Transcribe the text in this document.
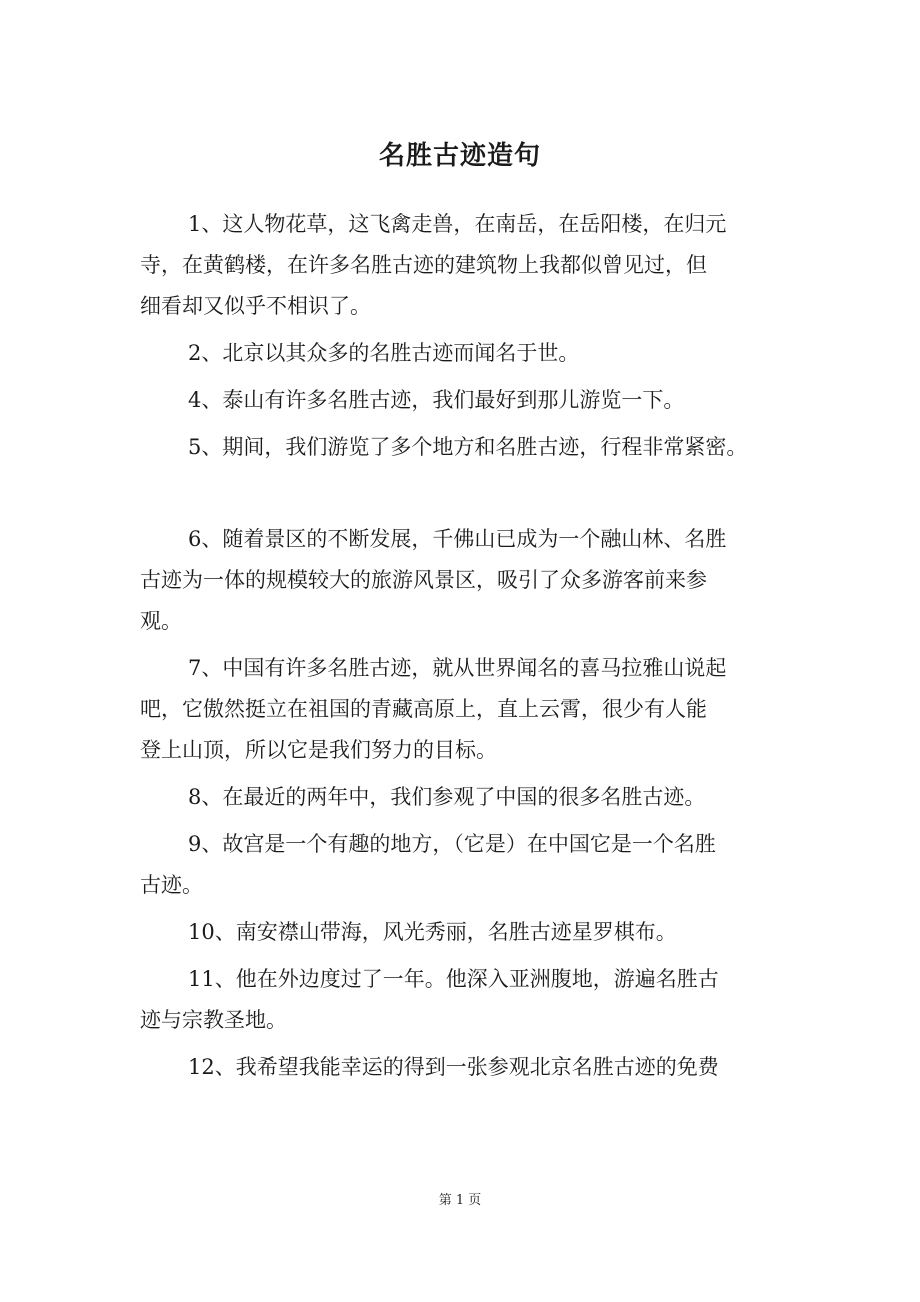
名胜古迹造句

1、这人物花草，这飞禽走兽，在南岳，在岳阳楼，在归元
寺，在黄鹤楼，在许多名胜古迹的建筑物上我都似曾见过，但
细看却又似乎不相识了。

2、北京以其众多的名胜古迹而闻名于世。

4、泰山有许多名胜古迹，我们最好到那儿游览一下。

5、期间，我们游览了多个地方和名胜古迹，行程非常紧密。

6、随着景区的不断发展，千佛山已成为一个融山林、名胜
古迹为一体的规模较大的旅游风景区，吸引了众多游客前来参
观。

7、中国有许多名胜古迹，就从世界闻名的喜马拉雅山说起
吧，它傲然挺立在祖国的青藏高原上，直上云霄，很少有人能
登上山顶，所以它是我们努力的目标。

8、在最近的两年中，我们参观了中国的很多名胜古迹。

9、故宫是一个有趣的地方，（它是）在中国它是一个名胜
古迹。

10、南安襟山带海，风光秀丽，名胜古迹星罗棋布。

11、他在外边度过了一年。他深入亚洲腹地，游遍名胜古
迹与宗教圣地。

12、我希望我能幸运的得到一张参观北京名胜古迹的免费

第 1 页
